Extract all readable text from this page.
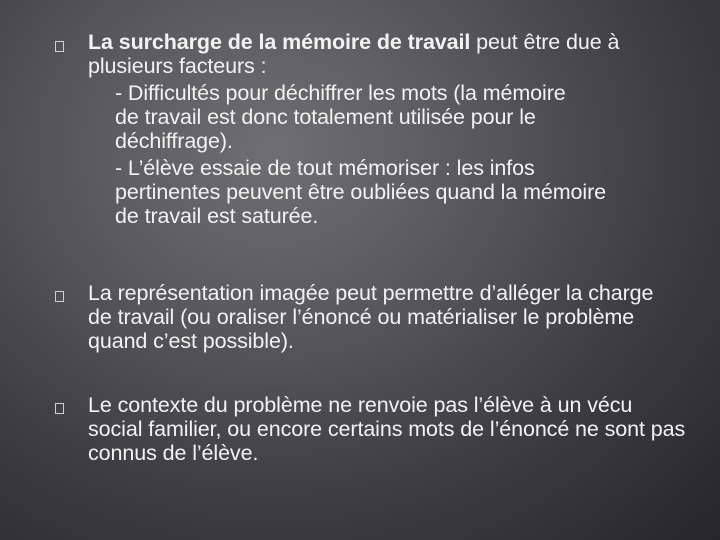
La surcharge de la mémoire de travail peut être due à plusieurs facteurs :
- Difficultés pour déchiffrer les mots (la mémoire de travail est donc totalement utilisée pour le déchiffrage).
- L’élève essaie de tout mémoriser : les infos pertinentes peuvent être oubliées quand la mémoire de travail est saturée.
La représentation imagée peut permettre d’alléger la charge de travail (ou oraliser l’énoncé ou matérialiser le problème quand c’est possible).
Le contexte du problème ne renvoie pas l’élève à un vécu social familier, ou encore certains mots de l’énoncé ne sont pas connus de l’élève.
